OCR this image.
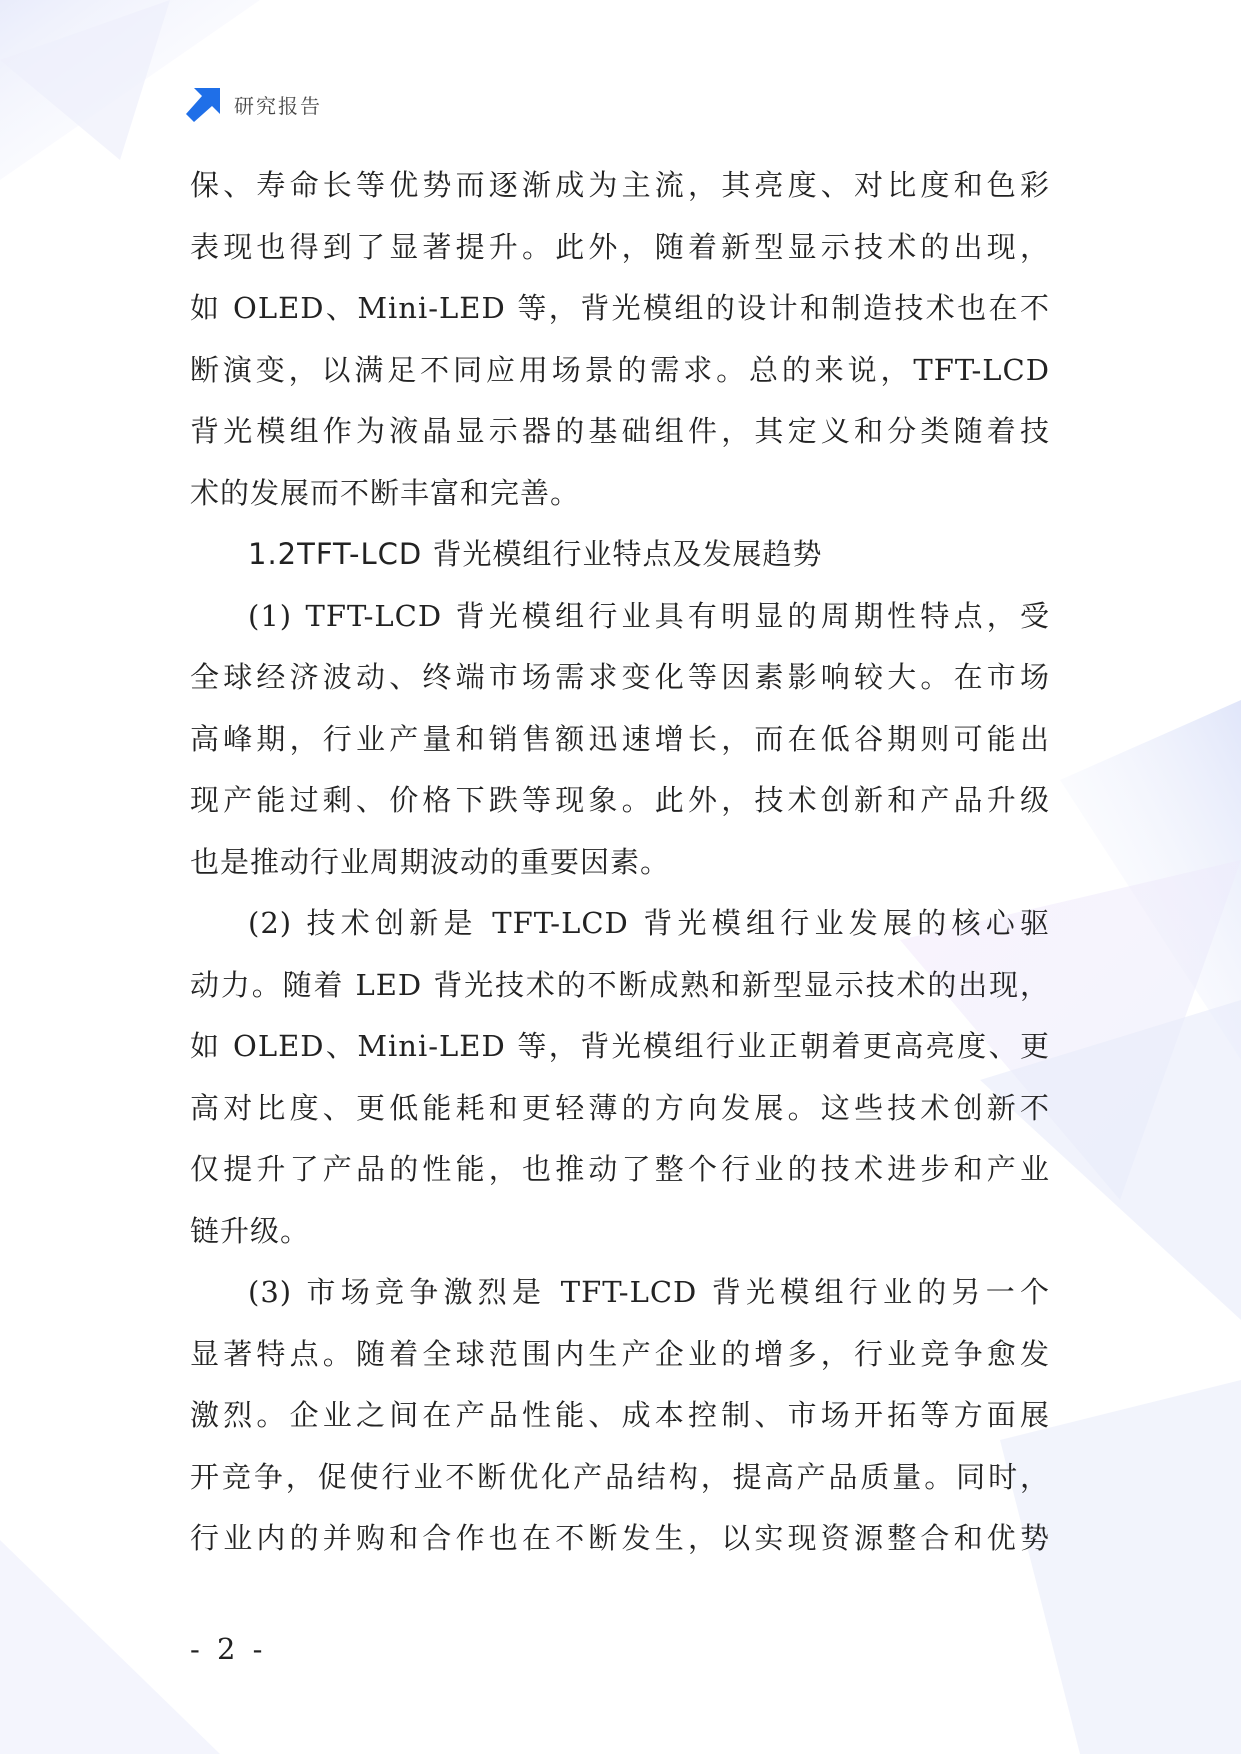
研究报告
保、寿命长等优势而逐渐成为主流，其亮度、对比度和色彩
表现也得到了显著提升。此外，随着新型显示技术的出现，
如 OLED、Mini-LED 等，背光模组的设计和制造技术也在不
断演变，以满足不同应用场景的需求。总的来说，TFT-LCD
背光模组作为液晶显示器的基础组件，其定义和分类随着技
术的发展而不断丰富和完善。
1.2TFT-LCD 背光模组行业特点及发展趋势
(1) TFT-LCD 背光模组行业具有明显的周期性特点，受
全球经济波动、终端市场需求变化等因素影响较大。在市场
高峰期，行业产量和销售额迅速增长，而在低谷期则可能出
现产能过剩、价格下跌等现象。此外，技术创新和产品升级
也是推动行业周期波动的重要因素。
(2) 技术创新是 TFT-LCD 背光模组行业发展的核心驱
动力。随着 LED 背光技术的不断成熟和新型显示技术的出现，
如 OLED、Mini-LED 等，背光模组行业正朝着更高亮度、更
高对比度、更低能耗和更轻薄的方向发展。这些技术创新不
仅提升了产品的性能，也推动了整个行业的技术进步和产业
链升级。
(3) 市场竞争激烈是 TFT-LCD 背光模组行业的另一个
显著特点。随着全球范围内生产企业的增多，行业竞争愈发
激烈。企业之间在产品性能、成本控制、市场开拓等方面展
开竞争，促使行业不断优化产品结构，提高产品质量。同时，
行业内的并购和合作也在不断发生，以实现资源整合和优势
- 2 -
